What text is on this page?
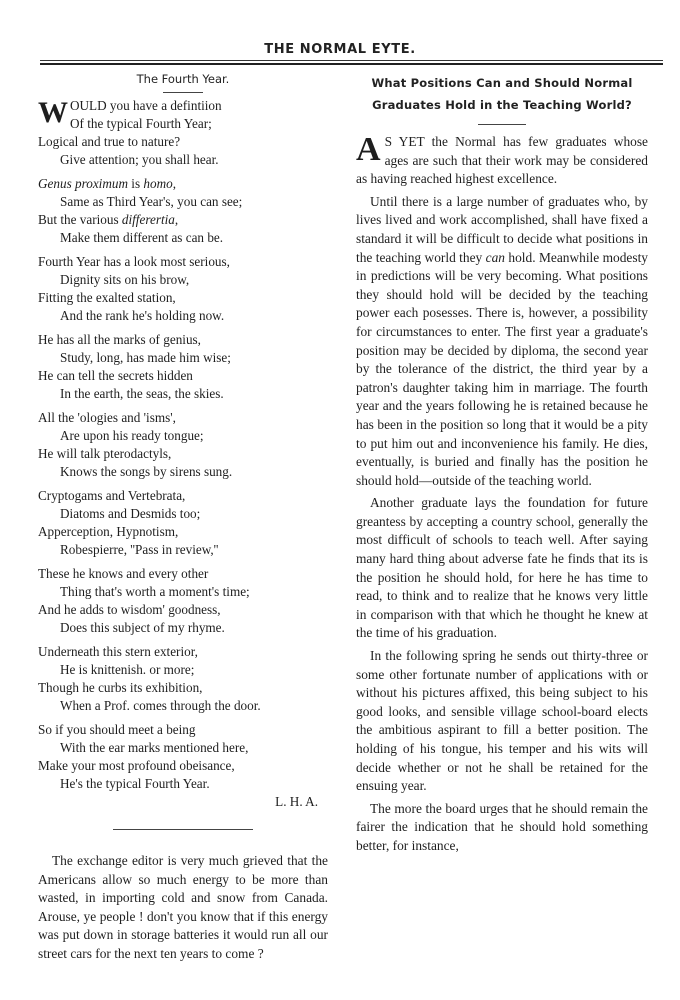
THE NORMAL EYTE.
The Fourth Year.
W OULD you have a defintiion
Of the typical Fourth Year;
Logical and true to nature?
Give attention; you shall hear.
Genus proximum is homo,
Same as Third Year's, you can see;
But the various differertia,
Make them different as can be.
Fourth Year has a look most serious,
Dignity sits on his brow,
Fitting the exalted station,
And the rank he's holding now.
He has all the marks of genius,
Study, long, has made him wise;
He can tell the secrets hidden
In the earth, the seas, the skies.
All the 'ologies and 'isms',
Are upon his ready tongue;
He will talk pterodactyls,
Knows the songs by sirens sung.
Cryptogams and Vertebrata,
Diatoms and Desmids too;
Apperception, Hypnotism,
Robespierre, ''Pass in review,''
These he knows and every other
Thing that's worth a moment's time;
And he adds to wisdom' goodness,
Does this subject of my rhyme.
Underneath this stern exterior,
He is knittenish. or more;
Though he curbs its exhibition,
When a Prof. comes through the door.
So if you should meet a being
With the ear marks mentioned here,
Make your most profound obeisance,
He's the typical Fourth Year.
L. H. A.

The exchange editor is very much grieved that the Americans allow so much energy to be more than wasted, in importing cold and snow from Canada. Arouse, ye people ! don't you know that if this energy was put down in storage batteries it would run all our street cars for the next ten years to come ?

What Positions Can and Should Normal
Graduates Hold in the Teaching World?

A S YET the Normal has few graduates whose ages are such that their work may be considered as having reached highest excellence.

Until there is a large number of graduates who, by lives lived and work accomplished, shall have fixed a standard it will be difficult to decide what positions in the teaching world they can hold. Meanwhile modesty in predictions will be very becoming. What positions they should hold will be decided by the teaching power each posesses. There is, however, a possibility for circumstances to enter. The first year a graduate's position may be decided by diploma, the second year by the tolerance of the district, the third year by a patron's daughter taking him in marriage. The fourth year and the years following he is retained because he has been in the position so long that it would be a pity to put him out and inconvenience his family. He dies, eventually, is buried and finally has the position he should hold—outside of the teaching world.

Another graduate lays the foundation for future greantess by accepting a country school, generally the most difficult of schools to teach well. After saying many hard thing about adverse fate he finds that its is the position he should hold, for here he has time to read, to think and to realize that he knows very little in comparison with that which he thought he knew at the time of his graduation.

In the following spring he sends out thirty-three or some other fortunate number of applications with or without his pictures affixed, this being subject to his good looks, and sensible village school-board elects the ambitious aspirant to fill a better position. The holding of his tongue, his temper and his wits will decide whether or not he shall be retained for the ensuing year.

The more the board urges that he should remain the fairer the indication that he should hold something better, for instance,
